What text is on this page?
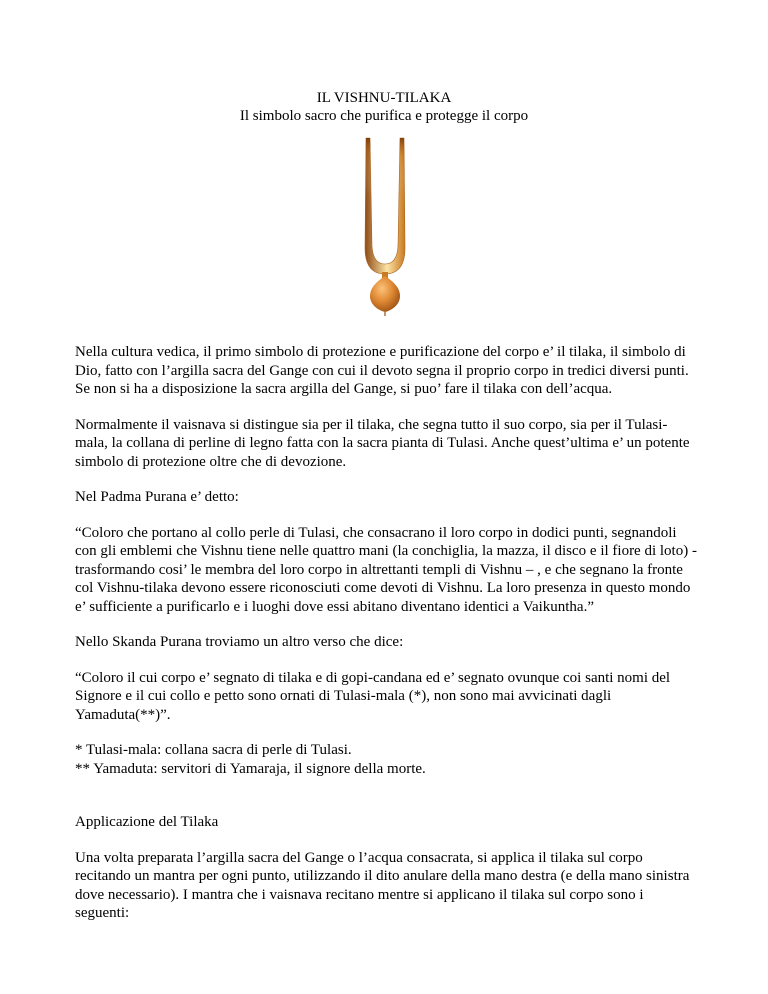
IL VISHNU-TILAKA
Il simbolo sacro che purifica e protegge il corpo

Nella cultura vedica, il primo simbolo di protezione e purificazione del corpo e’ il tilaka, il simbolo di Dio, fatto con l’argilla sacra del Gange con cui il devoto segna il proprio corpo in tredici diversi punti. Se non si ha a disposizione la sacra argilla del Gange, si puo’ fare il tilaka con dell’acqua.

Normalmente il vaisnava si distingue sia per il tilaka, che segna tutto il suo corpo, sia per il Tulasi-mala, la collana di perline di legno fatta con la sacra pianta di Tulasi. Anche quest’ultima e’ un potente simbolo di protezione oltre che di devozione.

Nel Padma Purana e’ detto:

“Coloro che portano al collo perle di Tulasi, che consacrano il loro corpo in dodici punti, segnandoli con gli emblemi che Vishnu tiene nelle quattro mani (la conchiglia, la mazza, il disco e il fiore di loto) - trasformando cosi’ le membra del loro corpo in altrettanti templi di Vishnu – , e che segnano la fronte col Vishnu-tilaka devono essere riconosciuti come devoti di Vishnu. La loro presenza in questo mondo e’ sufficiente a purificarlo e i luoghi dove essi abitano diventano identici a Vaikuntha.”

Nello Skanda Purana troviamo un altro verso che dice:

“Coloro il cui corpo e’ segnato di tilaka e di gopi-candana ed e’ segnato ovunque coi santi nomi del Signore e il cui collo e petto sono ornati di Tulasi-mala (*), non sono mai avvicinati dagli Yamaduta(**)”.

* Tulasi-mala: collana sacra di perle di Tulasi.

** Yamaduta: servitori di Yamaraja, il signore della morte.

Applicazione del Tilaka

Una volta preparata l’argilla sacra del Gange o l’acqua consacrata, si applica il tilaka sul corpo recitando un mantra per ogni punto, utilizzando il dito anulare della mano destra (e della mano sinistra dove necessario). I mantra che i vaisnava recitano mentre si applicano il tilaka sul corpo sono i seguenti:
